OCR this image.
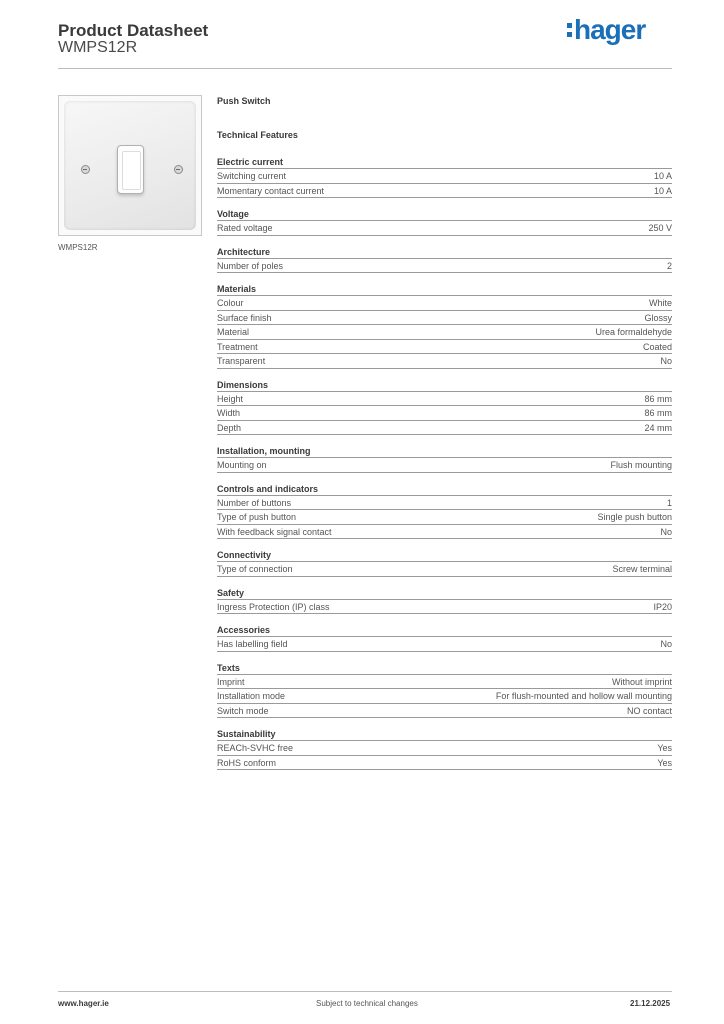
Product Datasheet
WMPS12R
hager
WMPS12R
Push Switch
Technical Features
Electric current
Switching current	10 A
Momentary contact current	10 A
Voltage
Rated voltage	250 V
Architecture
Number of poles	2
Materials
Colour	White
Surface finish	Glossy
Material	Urea formaldehyde
Treatment	Coated
Transparent	No
Dimensions
Height	86 mm
Width	86 mm
Depth	24 mm
Installation, mounting
Mounting on	Flush mounting
Controls and indicators
Number of buttons	1
Type of push button	Single push button
With feedback signal contact	No
Connectivity
Type of connection	Screw terminal
Safety
Ingress Protection (IP) class	IP20
Accessories
Has labelling field	No
Texts
Imprint	Without imprint
Installation mode	For flush-mounted and hollow wall mounting
Switch mode	NO contact
Sustainability
REACh-SVHC free	Yes
RoHS conform	Yes
www.hager.ie	Subject to technical changes	21.12.2025
